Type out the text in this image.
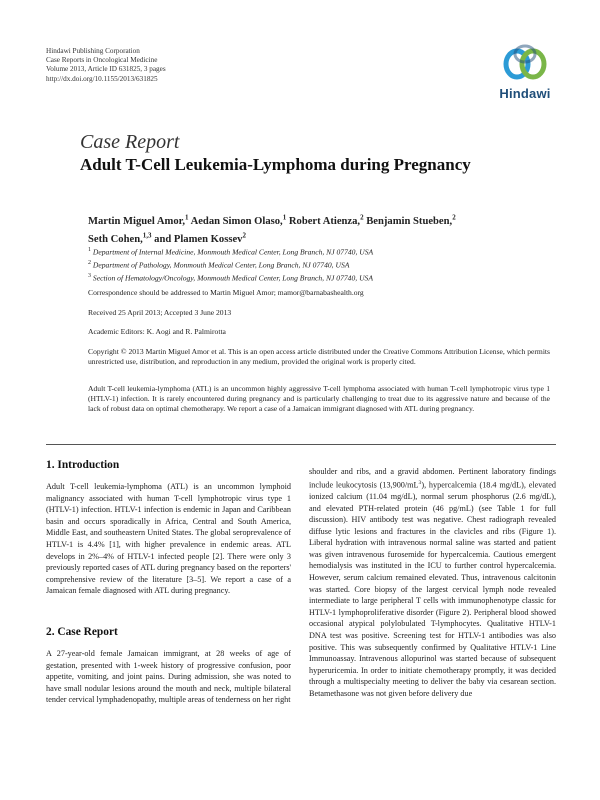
Hindawi Publishing Corporation
Case Reports in Oncological Medicine
Volume 2013, Article ID 631825, 3 pages
http://dx.doi.org/10.1155/2013/631825
Hindawi
Case Report
Adult T-Cell Leukemia-Lymphoma during Pregnancy
Martin Miguel Amor,$^1$ Aedan Simon Olaso,$^1$ Robert Atienza,$^2$ Benjamin Stueben,$^2$
Seth Cohen,$^{1,3}$ and Plamen Kossev$^2$
$^1$ Department of Internal Medicine, Monmouth Medical Center, Long Branch, NJ 07740, USA
$^2$ Department of Pathology, Monmouth Medical Center, Long Branch, NJ 07740, USA
$^3$ Section of Hematology/Oncology, Monmouth Medical Center, Long Branch, NJ 07740, USA
Correspondence should be addressed to Martin Miguel Amor; mamor@barnabashealth.org
Received 25 April 2013; Accepted 3 June 2013
Academic Editors: K. Aogi and R. Palmirotta
Copyright © 2013 Martin Miguel Amor et al. This is an open access article distributed under the Creative Commons Attribution License, which permits unrestricted use, distribution, and reproduction in any medium, provided the original work is properly cited.
Adult T-cell leukemia-lymphoma (ATL) is an uncommon highly aggressive T-cell lymphoma associated with human T-cell lymphotropic virus type 1 (HTLV-1) infection. It is rarely encountered during pregnancy and is particularly challenging to treat due to its aggressive nature and because of the lack of robust data on optimal chemotherapy. We report a case of a Jamaican immigrant diagnosed with ATL during pregnancy.
1. Introduction

Adult T-cell leukemia-lymphoma (ATL) is an uncommon lymphoid malignancy associated with human T-cell lymphotropic virus type 1 (HTLV-1) infection. HTLV-1 infection is endemic in Japan and Caribbean basin and occurs sporadically in Africa, Central and South America, Middle East, and southeastern United States. The global seroprevalence of HTLV-1 is 4.4% [1], with higher prevalence in endemic areas. ATL develops in 2%–4% of HTLV-1 infected people [2]. There were only 3 previously reported cases of ATL during pregnancy based on the reporters' comprehensive review of the literature [3–5]. We report a case of a Jamaican female diagnosed with ATL during pregnancy.

2. Case Report

A 27-year-old female Jamaican immigrant, at 28 weeks of age of gestation, presented with 1-week history of progressive confusion, poor appetite, vomiting, and joint pains. During admission, she was noted to have small nodular lesions around the mouth and neck, multiple bilateral tender cervical lymphadenopathy, multiple areas of tenderness on her right

shoulder and ribs, and a gravid abdomen. Pertinent laboratory findings include leukocytosis $(13,900/mL^3)$, hypercalcemia (18.4 mg/dL), elevated ionized calcium (11.04 mg/dL), normal serum phosphorus (2.6 mg/dL), and elevated PTH-related protein (46 pg/mL) (see Table 1 for full discussion). HIV antibody test was negative. Chest radiograph revealed diffuse lytic lesions and fractures in the clavicles and ribs (Figure 1). Liberal hydration with intravenous normal saline was started and patient was given intravenous furosemide for hypercalcemia. Cautious emergent hemodialysis was instituted in the ICU to further control hypercalcemia. However, serum calcium remained elevated. Thus, intravenous calcitonin was started. Core biopsy of the largest cervical lymph node revealed intermediate to large peripheral T cells with immunophenotype classic for HTLV-1 lymphoproliferative disorder (Figure 2). Peripheral blood showed occasional atypical polylobulated T-lymphocytes. Qualitative HTLV-1 DNA test was positive. Screening test for HTLV-1 antibodies was also positive. This was subsequently confirmed by Qualitative HTLV-1 Line Immunoassay. Intravenous allopurinol was started because of subsequent hyperuricemia. In order to initiate chemotherapy promptly, it was decided through a multispecialty meeting to deliver the baby via cesarean section. Betamethasone was not given before delivery due
